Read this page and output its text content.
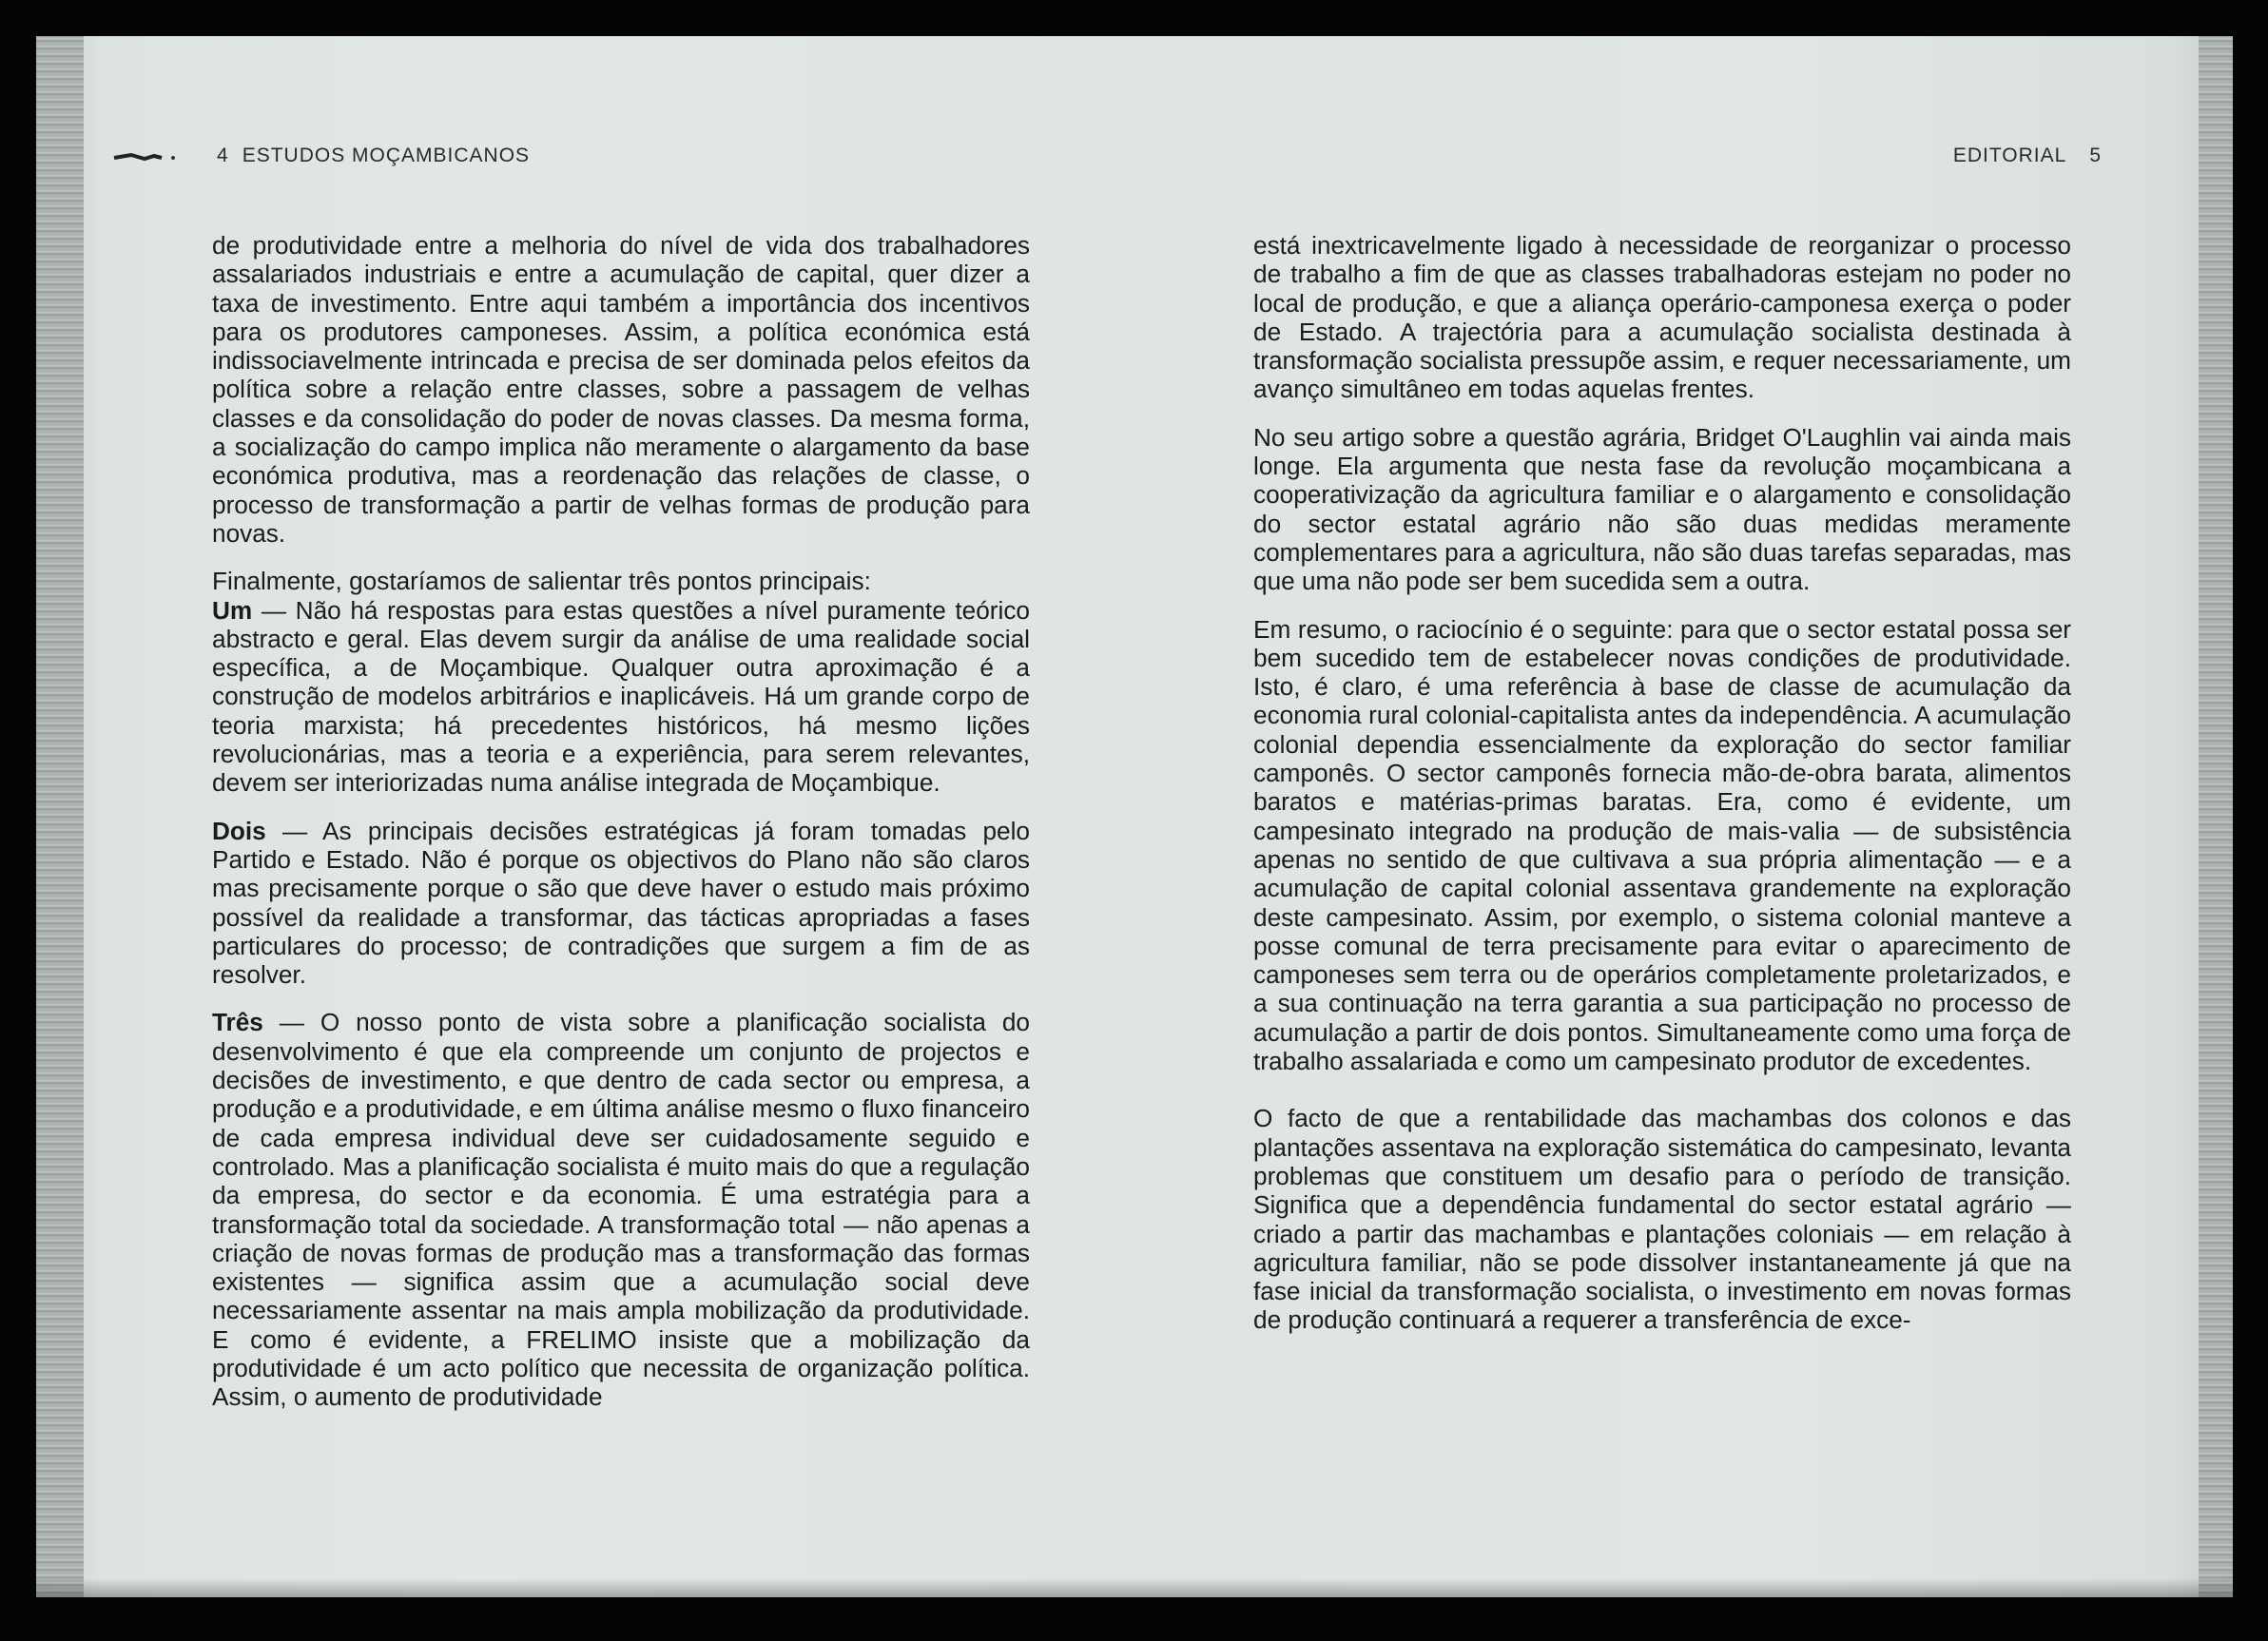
4 ESTUDOS MOÇAMBICANOS	EDITORIAL 5

de produtividade entre a melhoria do nível de vida dos trabalhadores assalariados industriais e entre a acumulação de capital, quer dizer a taxa de investimento. Entre aqui também a importância dos incentivos para os produtores camponeses. Assim, a política económica está indissociavelmente intrincada e precisa de ser dominada pelos efeitos da política sobre a relação entre classes, sobre a passagem de velhas classes e da consolidação do poder de novas classes. Da mesma forma, a socialização do campo implica não meramente o alargamento da base económica produtiva, mas a reordenação das relações de classe, o processo de transformação a partir de velhas formas de produção para novas.

Finalmente, gostaríamos de salientar três pontos principais:

Um — Não há respostas para estas questões a nível puramente teórico abstracto e geral. Elas devem surgir da análise de uma realidade social específica, a de Moçambique. Qualquer outra aproximação é a construção de modelos arbitrários e inaplicáveis. Há um grande corpo de teoria marxista; há precedentes históricos, há mesmo lições revolucionárias, mas a teoria e a experiência, para serem relevantes, devem ser interiorizadas numa análise integrada de Moçambique.

Dois — As principais decisões estratégicas já foram tomadas pelo Partido e Estado. Não é porque os objectivos do Plano não são claros mas precisamente porque o são que deve haver o estudo mais próximo possível da realidade a transformar, das tácticas apropriadas a fases particulares do processo; de contradições que surgem a fim de as resolver.

Três — O nosso ponto de vista sobre a planificação socialista do desenvolvimento é que ela compreende um conjunto de projectos e decisões de investimento, e que dentro de cada sector ou empresa, a produção e a produtividade, e em última análise mesmo o fluxo financeiro de cada empresa individual deve ser cuidadosamente seguido e controlado. Mas a planificação socialista é muito mais do que a regulação da empresa, do sector e da economia. É uma estratégia para a transformação total da sociedade. A transformação total — não apenas a criação de novas formas de produção mas a transformação das formas existentes — significa assim que a acumulação social deve necessariamente assentar na mais ampla mobilização da produtividade. E como é evidente, a FRELIMO insiste que a mobilização da produtividade é um acto político que necessita de organização política. Assim, o aumento de produtividade

está inextricavelmente ligado à necessidade de reorganizar o processo de trabalho a fim de que as classes trabalhadoras estejam no poder no local de produção, e que a aliança operário-camponesa exerça o poder de Estado. A trajectória para a acumulação socialista destinada à transformação socialista pressupõe assim, e requer necessariamente, um avanço simultâneo em todas aquelas frentes.

No seu artigo sobre a questão agrária, Bridget O'Laughlin vai ainda mais longe. Ela argumenta que nesta fase da revolução moçambicana a cooperativização da agricultura familiar e o alargamento e consolidação do sector estatal agrário não são duas medidas meramente complementares para a agricultura, não são duas tarefas separadas, mas que uma não pode ser bem sucedida sem a outra.

Em resumo, o raciocínio é o seguinte: para que o sector estatal possa ser bem sucedido tem de estabelecer novas condições de produtividade. Isto, é claro, é uma referência à base de classe de acumulação da economia rural colonial-capitalista antes da independência. A acumulação colonial dependia essencialmente da exploração do sector familiar camponês. O sector camponês fornecia mão-de-obra barata, alimentos baratos e matérias-primas baratas. Era, como é evidente, um campesinato integrado na produção de mais-valia — de subsistência apenas no sentido de que cultivava a sua própria alimentação — e a acumulação de capital colonial assentava grandemente na exploração deste campesinato. Assim, por exemplo, o sistema colonial manteve a posse comunal de terra precisamente para evitar o aparecimento de camponeses sem terra ou de operários completamente proletarizados, e a sua continuação na terra garantia a sua participação no processo de acumulação a partir de dois pontos. Simultaneamente como uma força de trabalho assalariada e como um campesinato produtor de excedentes.

O facto de que a rentabilidade das machambas dos colonos e das plantações assentava na exploração sistemática do campesinato, levanta problemas que constituem um desafio para o período de transição. Significa que a dependência fundamental do sector estatal agrário — criado a partir das machambas e plantações coloniais — em relação à agricultura familiar, não se pode dissolver instantaneamente já que na fase inicial da transformação socialista, o investimento em novas formas de produção continuará a requerer a transferência de exce-
